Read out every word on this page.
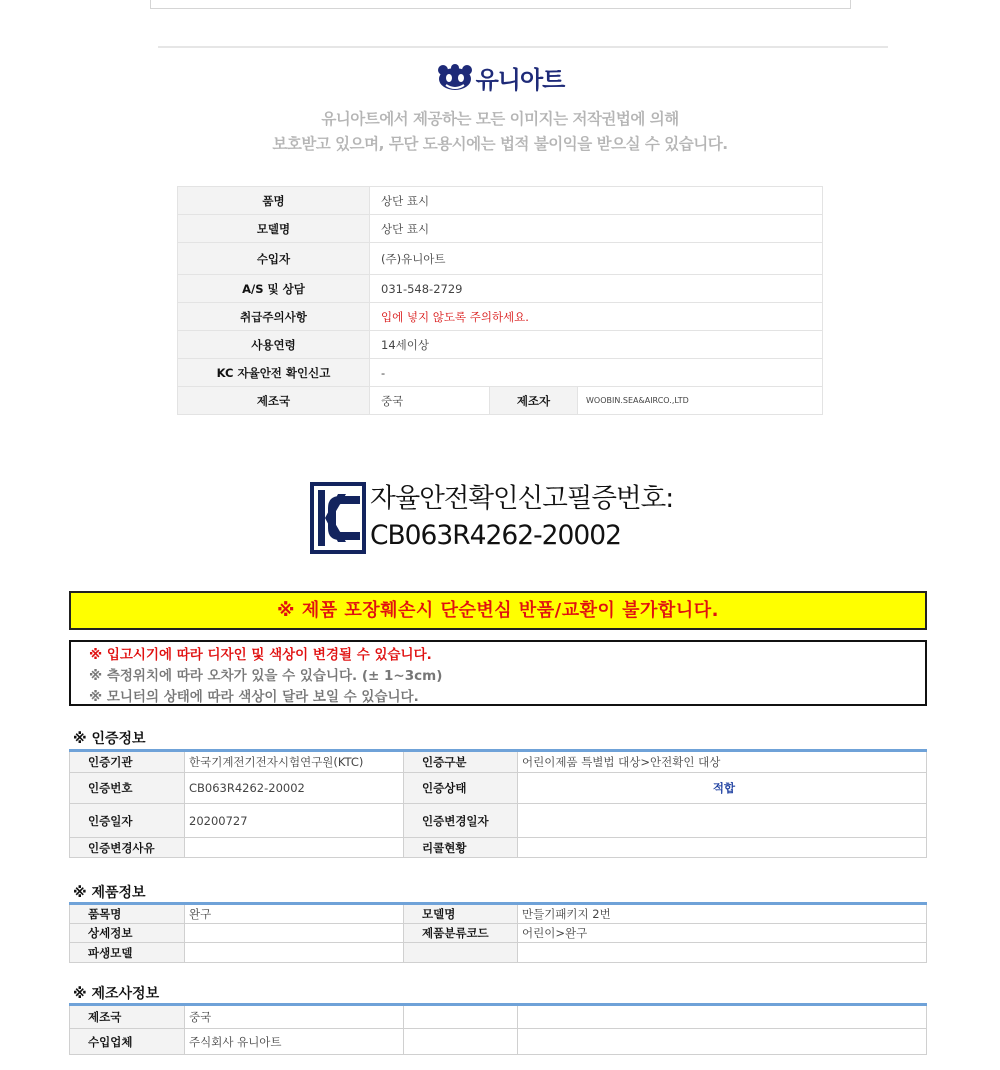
유니아트
유니아트에서 제공하는 모든 이미지는 저작권법에 의해
보호받고 있으며, 무단 도용시에는 법적 불이익을 받으실 수 있습니다.
품명	상단 표시		
모델명	상단 표시		
수입자	(주)유니아트		
A/S 및 상담	031-548-2729		
취급주의사항	입에 넣지 않도록 주의하세요.		
사용연령	14세이상		
KC 자율안전 확인신고	-		
제조국	중국	제조자	WOOBIN.SEA&AIRCO.,LTD
자율안전확인신고필증번호:
CB063R4262-20002
※ 제품 포장훼손시 단순변심 반품/교환이 불가합니다.
※ 입고시기에 따라 디자인 및 색상이 변경될 수 있습니다.
※ 측정위치에 따라 오차가 있을 수 있습니다. (± 1~3cm)
※ 모니터의 상태에 따라 색상이 달라 보일 수 있습니다.
※ 인증정보
인증기관	한국기계전기전자시험연구원(KTC)	인증구분	어린이제품 특별법 대상>안전확인 대상
인증번호	CB063R4262-20002	인증상태	적합
인증일자	20200727	인증변경일자	
인증변경사유		리콜현황	
※ 제품정보
품목명	완구	모델명	만들기패키지 2번
상세정보		제품분류코드	어린이>완구
파생모델			
※ 제조사정보
제조국	중국		
수입업체	주식회사 유니아트		
